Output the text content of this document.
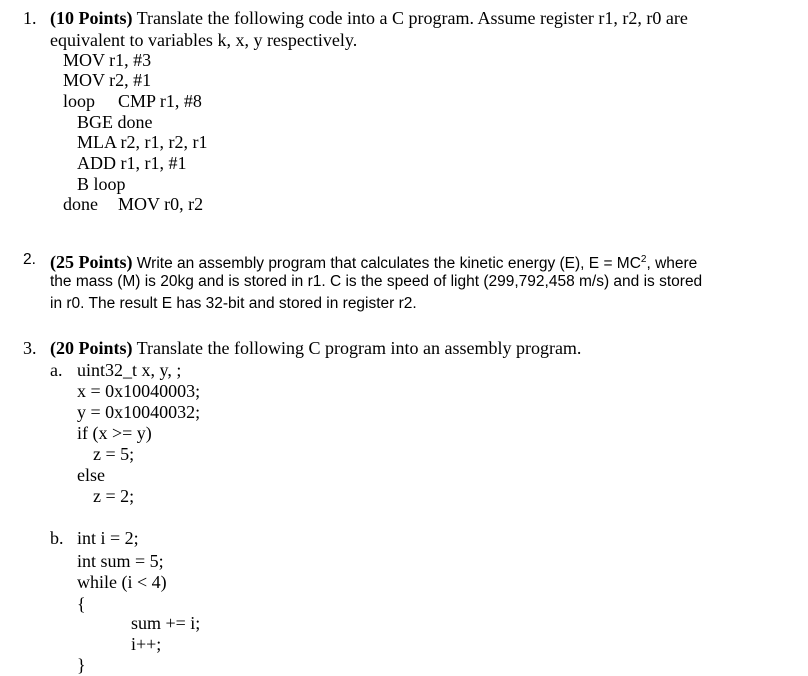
1. (10 Points) Translate the following code into a C program. Assume register r1, r2, r0 are
equivalent to variables k, x, y respectively.
MOV r1, #3
MOV r2, #1
loop CMP r1, #8
BGE done
MLA r2, r1, r2, r1
ADD r1, r1, #1
B loop
done MOV r0, r2
2. (25 Points) Write an assembly program that calculates the kinetic energy (E), $E = MC^2$, where
the mass (M) is 20kg and is stored in r1. C is the speed of light (299,792,458 m/s) and is stored
in r0. The result E has 32-bit and stored in register r2.
3. (20 Points) Translate the following C program into an assembly program.
a. uint32_t x, y, ;
x = 0x10040003;
y = 0x10040032;
if (x >= y)
z = 5;
else
z = 2;
b. int i = 2;
int sum = 5;
while (i < 4)
{
sum += i;
i++;
}
